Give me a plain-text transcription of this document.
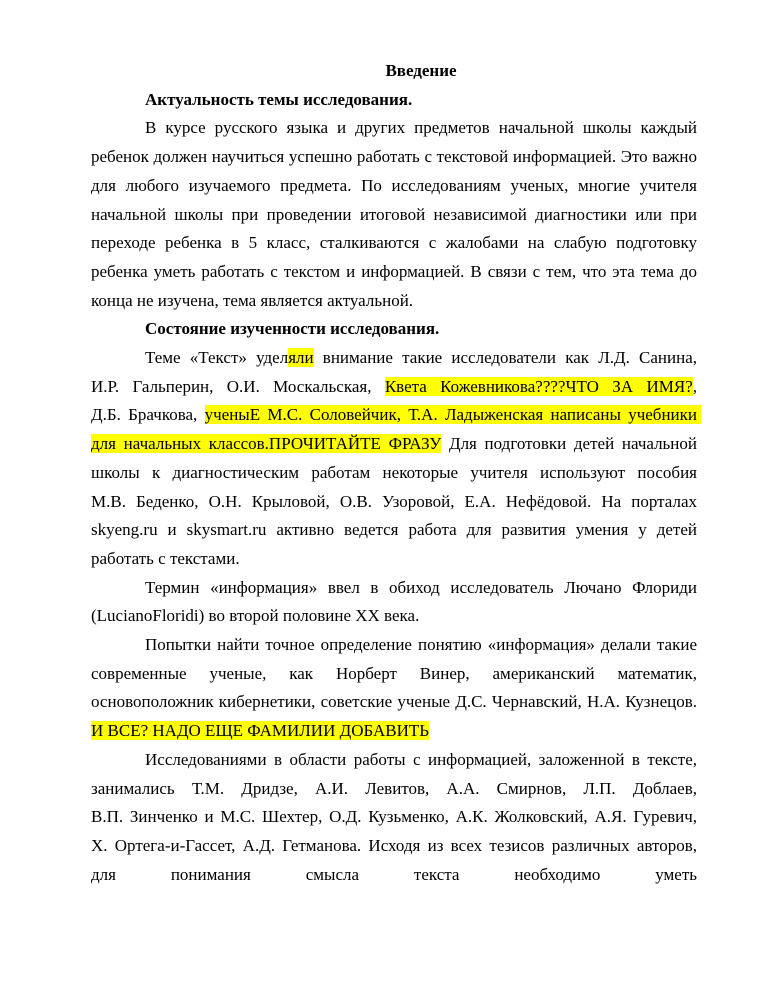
Введение

Актуальность темы исследования.

В курсе русского языка и других предметов начальной школы каждый ребенок должен научиться успешно работать с текстовой информацией. Это важно для любого изучаемого предмета. По исследованиям ученых, многие учителя начальной школы при проведении итоговой независимой диагностики или при переходе ребенка в 5 класс, сталкиваются с жалобами на слабую подготовку ребенка уметь работать с текстом и информацией. В связи с тем, что эта тема до конца не изучена, тема является актуальной.

Состояние изученности исследования.

Теме «Текст» уделяли внимание такие исследователи как Л.Д. Санина, И.Р. Гальперин, О.И. Москальская, Квета Кожевникова????ЧТО ЗА ИМЯ?, Д.Б. Брачкова, ученыЕ М.С. Соловейчик, Т.А. Ладыженская написаны учебники для начальных классов.ПРОЧИТАЙТЕ ФРАЗУ Для подготовки детей начальной школы к диагностическим работам некоторые учителя используют пособия М.В. Беденко, О.Н. Крыловой, О.В. Узоровой, Е.А. Нефёдовой. На порталах skyeng.ru и skysmart.ru активно ведется работа для развития умения у детей работать с текстами.

Термин «информация» ввел в обиход исследователь Лючано Флориди (LucianoFloridi) во второй половине XX века.

Попытки найти точное определение понятию «информация» делали такие современные ученые, как Норберт Винер, американский математик, основоположник кибернетики, советские ученые Д.С. Чернавский, Н.А. Кузнецов. И ВСЕ? НАДО ЕЩЕ ФАМИЛИИ ДОБАВИТЬ

Исследованиями в области работы с информацией, заложенной в тексте, занимались Т.М. Дридзе, А.И. Левитов, А.А. Смирнов, Л.П. Доблаев, В.П. Зинченко и М.С. Шехтер, О.Д. Кузьменко, А.К. Жолковский, А.Я. Гуревич, Х. Ортега-и-Гассет, А.Д. Гетманова. Исходя из всех тезисов различных авторов, для понимания смысла текста необходимо уметь
